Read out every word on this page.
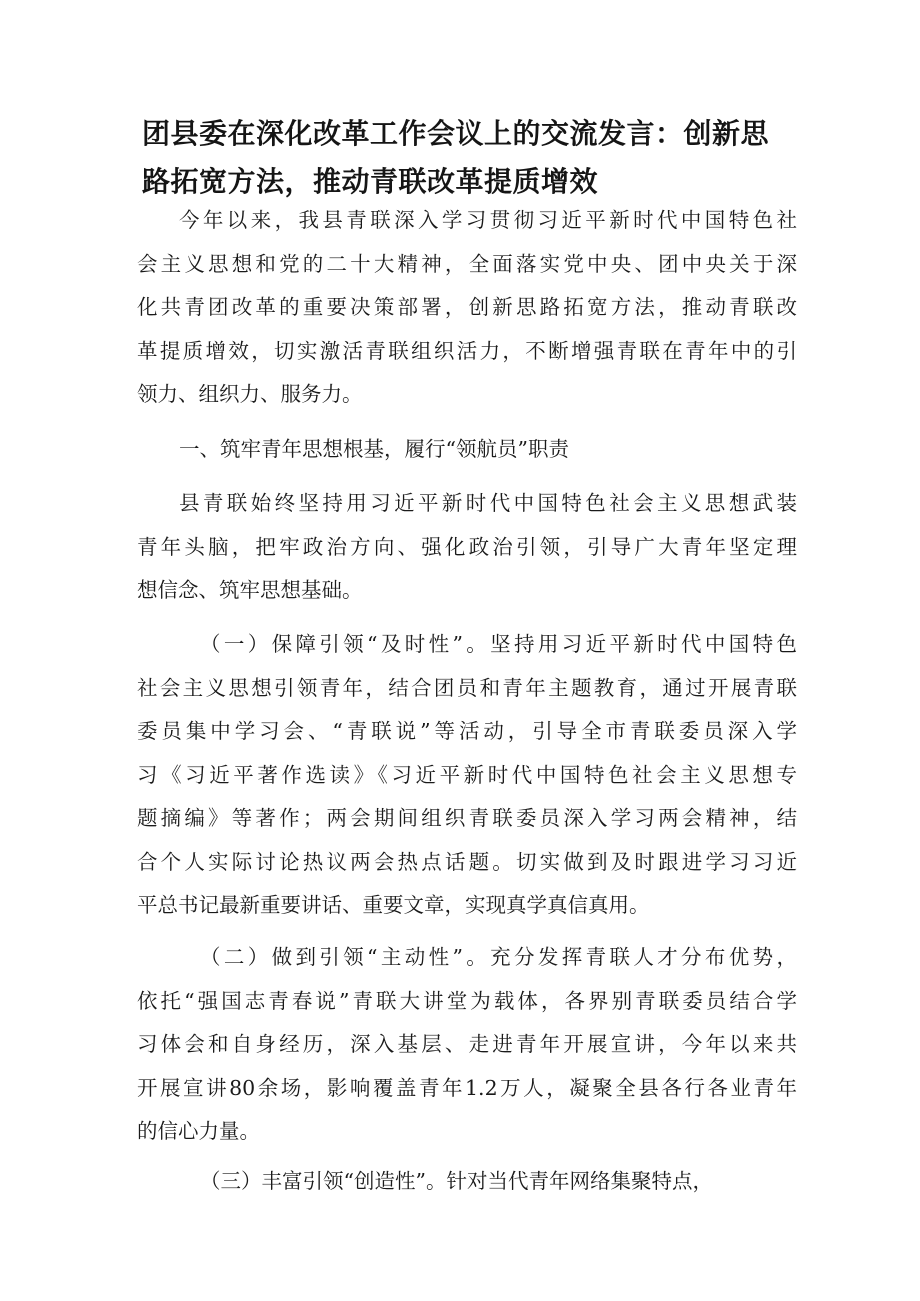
团县委在深化改革工作会议上的交流发言：创新思
路拓宽方法，推动青联改革提质增效
今年以来，我县青联深入学习贯彻习近平新时代中国特色社
会主义思想和党的二十大精神，全面落实党中央、团中央关于深
化共青团改革的重要决策部署，创新思路拓宽方法，推动青联改
革提质增效，切实激活青联组织活力，不断增强青联在青年中的引
领力、组织力、服务力。
一、筑牢青年思想根基，履行“领航员”职责
县青联始终坚持用习近平新时代中国特色社会主义思想武装
青年头脑，把牢政治方向、强化政治引领，引导广大青年坚定理
想信念、筑牢思想基础。
（一）保障引领“及时性”。坚持用习近平新时代中国特色
社会主义思想引领青年，结合团员和青年主题教育，通过开展青联
委员集中学习会、“青联说”等活动，引导全市青联委员深入学
习《习近平著作选读》《习近平新时代中国特色社会主义思想专
题摘编》等著作；两会期间组织青联委员深入学习两会精神，结
合个人实际讨论热议两会热点话题。切实做到及时跟进学习习近
平总书记最新重要讲话、重要文章，实现真学真信真用。
（二）做到引领“主动性”。充分发挥青联人才分布优势，
依托“强国志青春说”青联大讲堂为载体，各界别青联委员结合学
习体会和自身经历，深入基层、走进青年开展宣讲，今年以来共
开展宣讲80余场，影响覆盖青年1.2万人，凝聚全县各行各业青年
的信心力量。
（三）丰富引领“创造性”。针对当代青年网络集聚特点，
